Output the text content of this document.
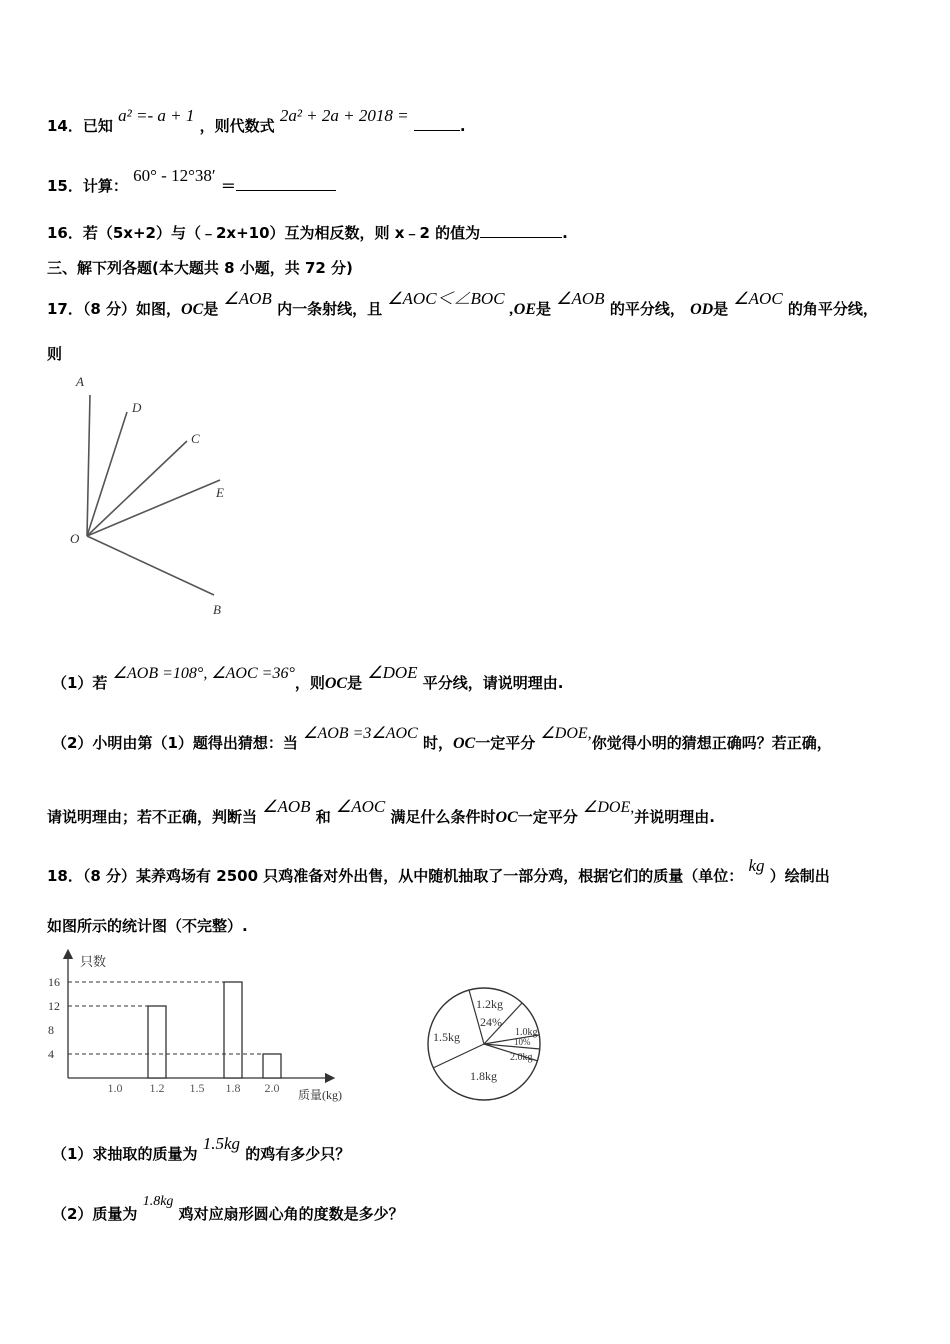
14．已知 a² =- a + 1 ，则代数式 2a² + 2a + 2018 = .
15．计算： 60° - 12°38′ ＝
16．若（5x+2）与（﹣2x+10）互为相反数，则 x﹣2 的值为	.
三、解下列各题(本大题共 8 小题，共 72 分)
17．（8 分）如图，OC是 ∠AOB 内一条射线，且 ∠AOC＜∠BOC ,OE是 ∠AOB 的平分线， OD是 ∠AOC 的角平分线，
则
A
D
C
E
O
B
（1）若 ∠AOB =108°, ∠AOC =36°，则OC是 ∠DOE 平分线，请说明理由.
（2）小明由第（1）题得出猜想：当 ∠AOB =3∠AOC 时，OC一定平分 ∠DOE,你觉得小明的猜想正确吗？若正确，
请说明理由；若不正确，判断当 ∠AOB 和 ∠AOC 满足什么条件时OC一定平分 ∠DOE,并说明理由.
18．（8 分）某养鸡场有 2500 只鸡准备对外出售，从中随机抽取了一部分鸡，根据它们的质量（单位： kg ）绘制出
如图所示的统计图（不完整）.
只数
质量(kg)
4
8
12
16
1.0 1.2 1.5 1.8 2.0
1.2kg
24%
1.0kg
10%
2.0kg
1.8kg
1.5kg
（1）求抽取的质量为 1.5kg 的鸡有多少只？
（2）质量为 1.8kg 鸡对应扇形圆心角的度数是多少？
